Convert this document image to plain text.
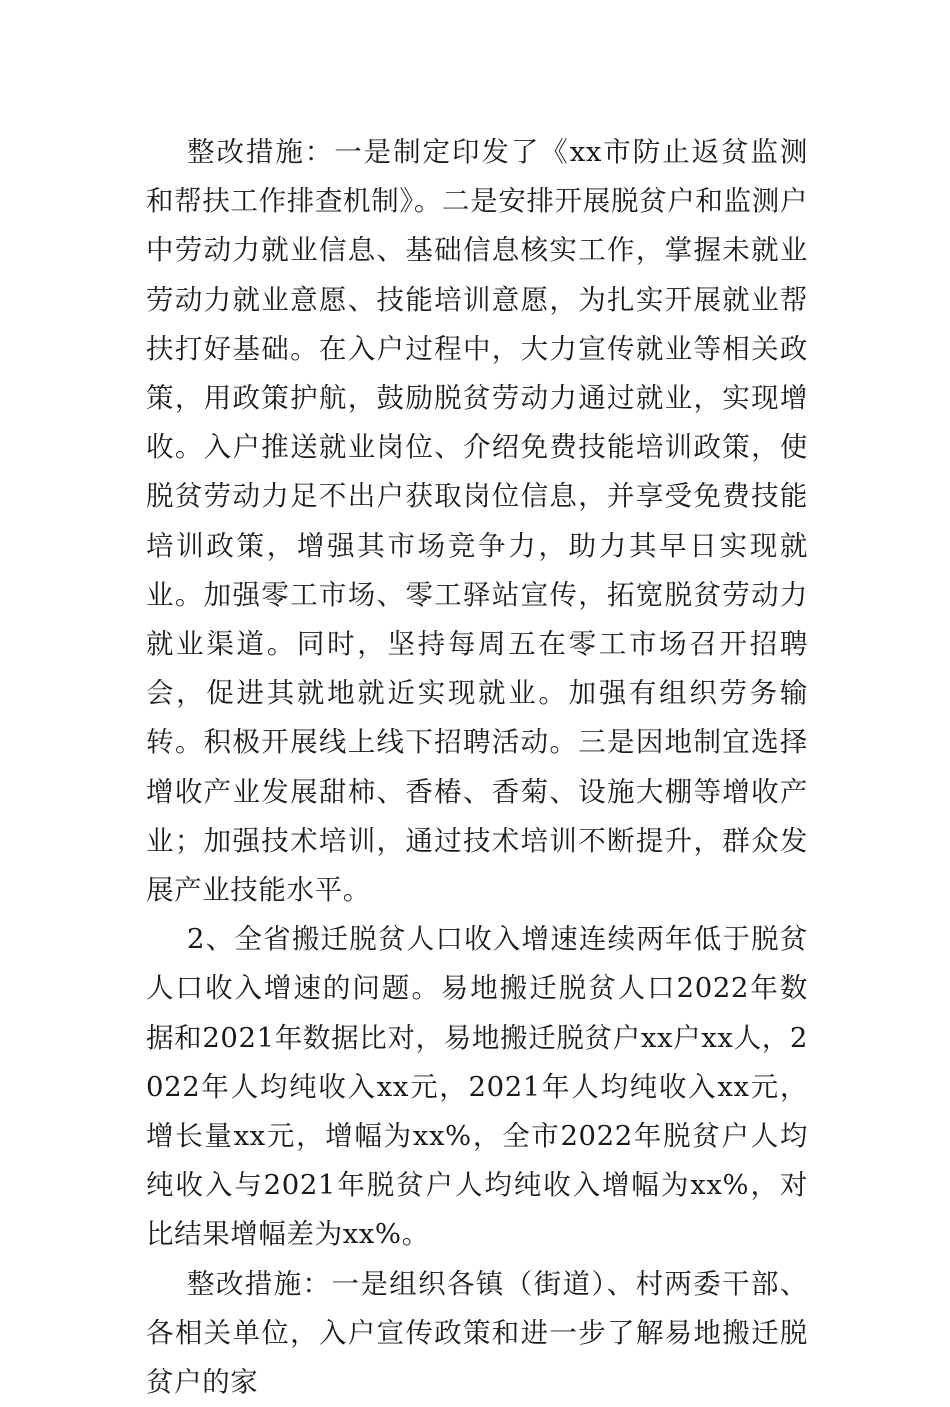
整改措施：一是制定印发了《xx市防止返贫监测和帮扶工作排查机制》。二是安排开展脱贫户和监测户中劳动力就业信息、基础信息核实工作，掌握未就业劳动力就业意愿、技能培训意愿，为扎实开展就业帮扶打好基础。在入户过程中，大力宣传就业等相关政策，用政策护航，鼓励脱贫劳动力通过就业，实现增收。入户推送就业岗位、介绍免费技能培训政策，使脱贫劳动力足不出户获取岗位信息，并享受免费技能培训政策，增强其市场竞争力，助力其早日实现就业。加强零工市场、零工驿站宣传，拓宽脱贫劳动力就业渠道。同时，坚持每周五在零工市场召开招聘会，促进其就地就近实现就业。加强有组织劳务输转。积极开展线上线下招聘活动。三是因地制宜选择增收产业发展甜柿、香椿、香菊、设施大棚等增收产业；加强技术培训，通过技术培训不断提升，群众发展产业技能水平。

2、全省搬迁脱贫人口收入增速连续两年低于脱贫人口收入增速的问题。易地搬迁脱贫人口2022年数据和2021年数据比对，易地搬迁脱贫户xx户xx人，2022年人均纯收入xx元，2021年人均纯收入xx元，增长量xx元，增幅为xx%，全市2022年脱贫户人均纯收入与2021年脱贫户人均纯收入增幅为xx%，对比结果增幅差为xx%。

整改措施：一是组织各镇（街道）、村两委干部、各相关单位，入户宣传政策和进一步了解易地搬迁脱贫户的家
